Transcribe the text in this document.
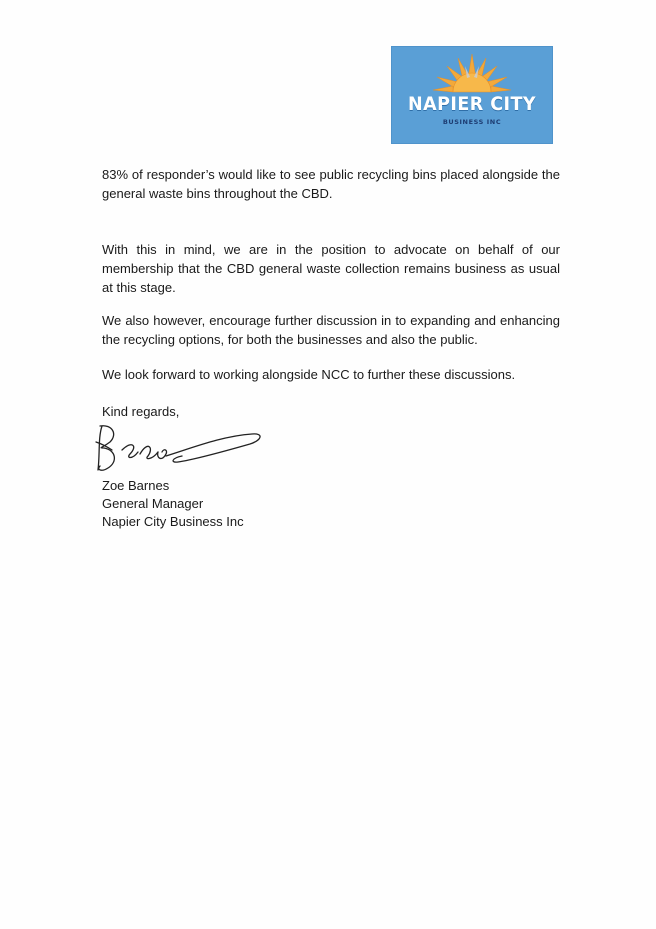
NAPIER CITY
BUSINESS INC

83% of responder’s would like to see public recycling bins placed alongside the general waste bins throughout the CBD.

With this in mind, we are in the position to advocate on behalf of our membership that the CBD general waste collection remains business as usual at this stage.

We also however, encourage further discussion in to expanding and enhancing the recycling options, for both the businesses and also the public.

We look forward to working alongside NCC to further these discussions.

Kind regards,

Zoe Barnes

General Manager

Napier City Business Inc
